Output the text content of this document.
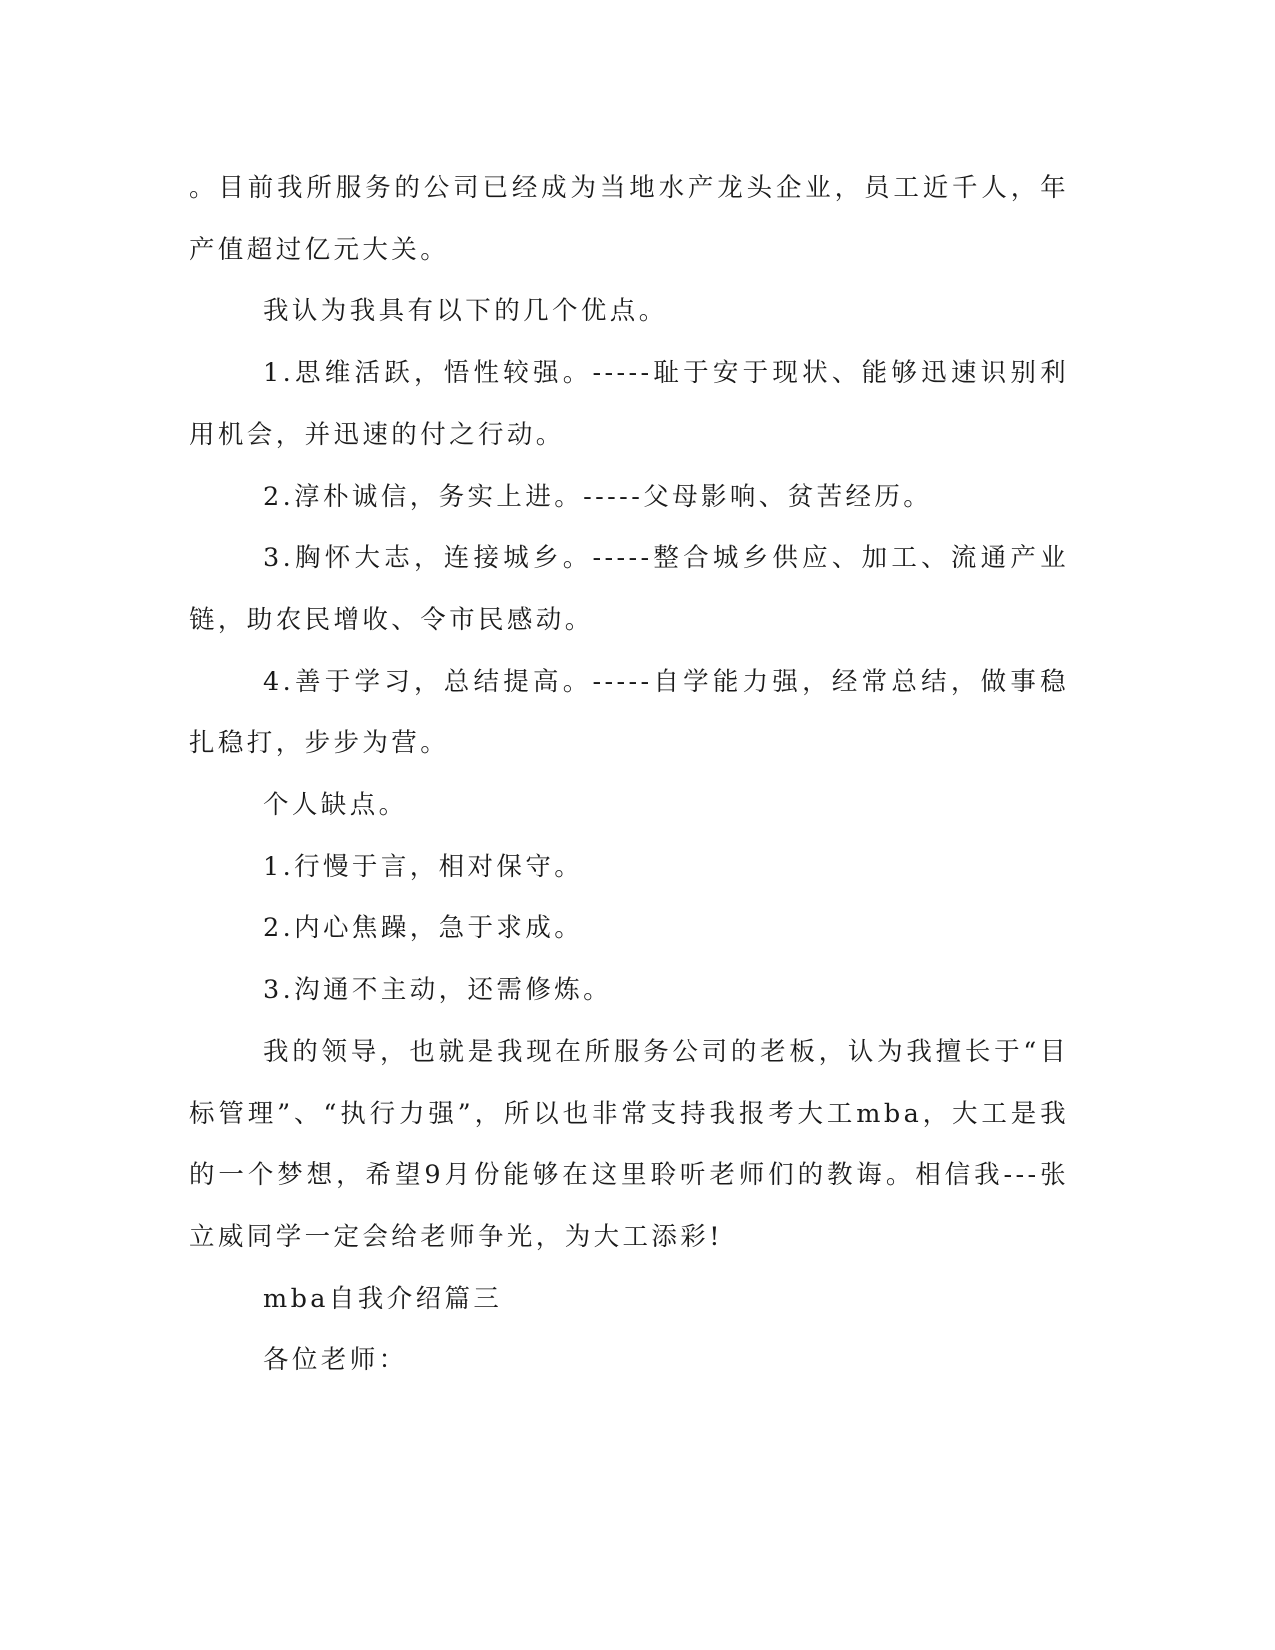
。目前我所服务的公司已经成为当地水产龙头企业，员工近千人，年产值超过亿元大关。

我认为我具有以下的几个优点。

1.思维活跃，悟性较强。-----耻于安于现状、能够迅速识别利用机会，并迅速的付之行动。

2.淳朴诚信，务实上进。-----父母影响、贫苦经历。

3.胸怀大志，连接城乡。-----整合城乡供应、加工、流通产业链，助农民增收、令市民感动。

4.善于学习，总结提高。-----自学能力强，经常总结，做事稳扎稳打，步步为营。

个人缺点。

1.行慢于言，相对保守。

2.内心焦躁，急于求成。

3.沟通不主动，还需修炼。

我的领导，也就是我现在所服务公司的老板，认为我擅长于“目标管理”、“执行力强”，所以也非常支持我报考大工mba，大工是我的一个梦想，希望9月份能够在这里聆听老师们的教诲。相信我---张立威同学一定会给老师争光，为大工添彩!

mba自我介绍篇三

各位老师：
